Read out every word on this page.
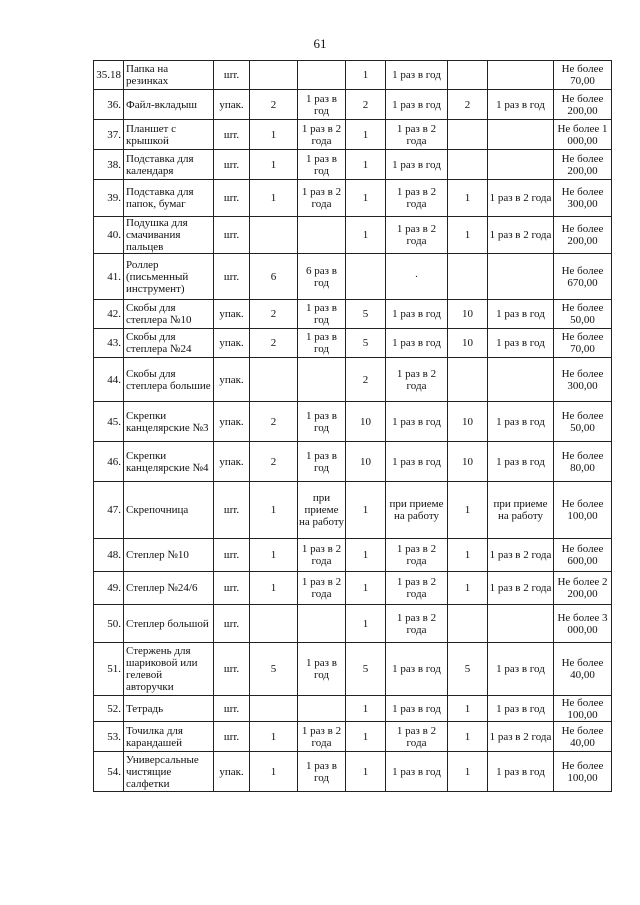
61
35.18	Папка на резинках	шт.			1	1 раз в год			Не более 70,00
36.	Файл-вкладыш	упак.	2	1 раз в год	2	1 раз в год	2	1 раз в год	Не более 200,00
37.	Планшет с крышкой	шт.	1	1 раз в 2 года	1	1 раз в 2 года			Не более 1 000,00
38.	Подставка для календаря	шт.	1	1 раз в год	1	1 раз в год			Не более 200,00
39.	Подставка для папок, бумаг	шт.	1	1 раз в 2 года	1	1 раз в 2 года	1	1 раз в 2 года	Не более 300,00
40.	Подушка для смачивания пальцев	шт.			1	1 раз в 2 года	1	1 раз в 2 года	Не более 200,00
41.	Роллер (письменный инструмент)	шт.	6	6 раз в год		·			Не более 670,00
42.	Скобы для степлера №10	упак.	2	1 раз в год	5	1 раз в год	10	1 раз в год	Не более 50,00
43.	Скобы для степлера №24	упак.	2	1 раз в год	5	1 раз в год	10	1 раз в год	Не более 70,00
44.	Скобы для степлера большие	упак.			2	1 раз в 2 года			Не более 300,00
45.	Скрепки канцелярские №3	упак.	2	1 раз в год	10	1 раз в год	10	1 раз в год	Не более 50,00
46.	Скрепки канцелярские №4	упак.	2	1 раз в год	10	1 раз в год	10	1 раз в год	Не более 80,00
47.	Скрепочница	шт.	1	при приеме на работу	1	при приеме на работу	1	при приеме на работу	Не более 100,00
48.	Степлер №10	шт.	1	1 раз в 2 года	1	1 раз в 2 года	1	1 раз в 2 года	Не более 600,00
49.	Степлер №24/6	шт.	1	1 раз в 2 года	1	1 раз в 2 года	1	1 раз в 2 года	Не более 2 200,00
50.	Степлер большой	шт.			1	1 раз в 2 года			Не более 3 000,00
51.	Стержень для шариковой или гелевой авторучки	шт.	5	1 раз в год	5	1 раз в год	5	1 раз в год	Не более 40,00
52.	Тетрадь	шт.			1	1 раз в год	1	1 раз в год	Не более 100,00
53.	Точилка для карандашей	шт.	1	1 раз в 2 года	1	1 раз в 2 года	1	1 раз в 2 года	Не более 40,00
54.	Универсальные чистящие салфетки	упак.	1	1 раз в год	1	1 раз в год	1	1 раз в год	Не более 100,00
